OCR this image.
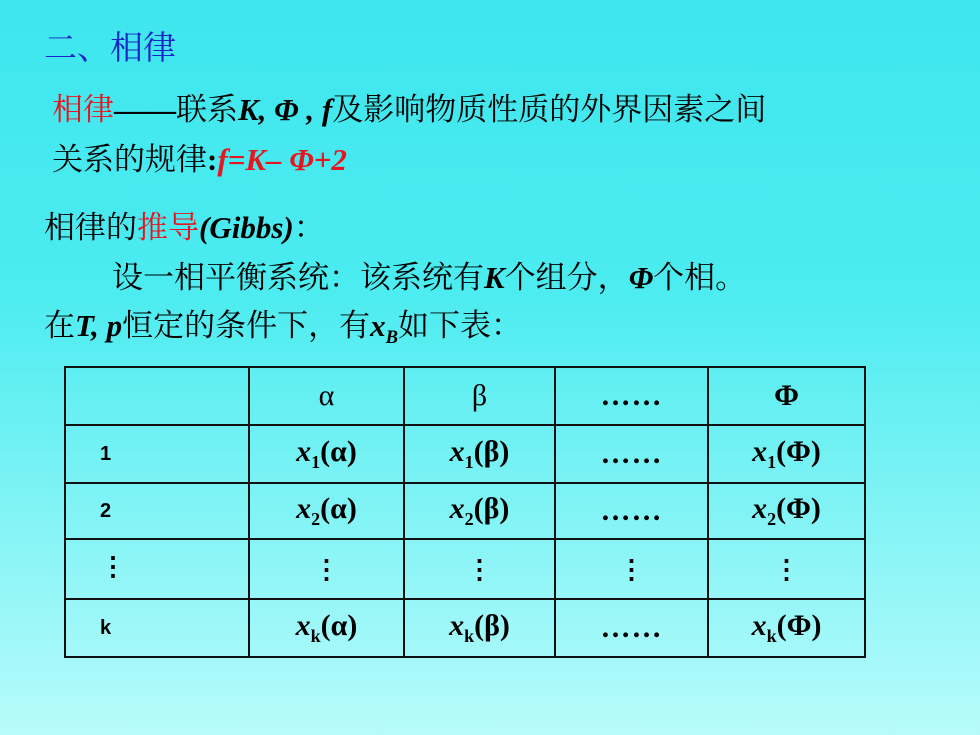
二、相律
相律——联系K, Φ , f及影响物质性质的外界因素之间
关系的规律:f=K– Φ+2
相律的推导(Gibbs)：
设一相平衡系统：该系统有K个组分，Φ个相。
在T, p恒定的条件下，有$x_B$如下表：
	α	β	……	Φ
1	$x_1(\alpha)$	$x_1(\beta)$	……	$x_1(\Phi)$
2	$x_2(\alpha)$	$x_2(\beta)$	……	$x_2(\Phi)$
⋮	⋮	⋮	⋮	⋮
k	$x_k(\alpha)$	$x_k(\beta)$	……	$x_k(\Phi)$
